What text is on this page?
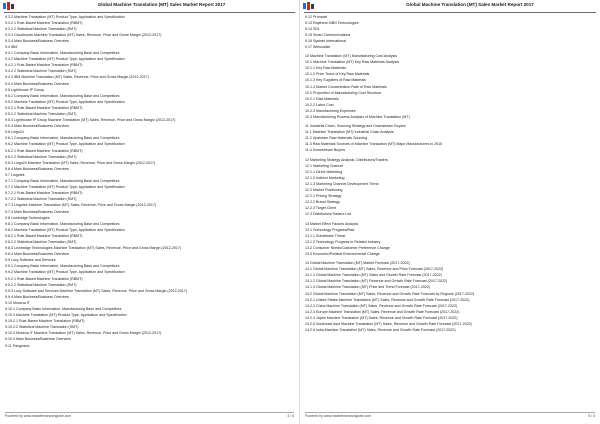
Global Machine Translation (MT) Sales Market Report 2017
9.3.2 Machine Translation (MT) Product Type, Application and Specification
9.3.2.1 Rule-Based Machine Translation (RBMT)
9.3.2.2 Statistical Machine Translation (SMT)
9.3.3 Cloudwords Machine Translation (MT) Sales, Revenue, Price and Gross Margin (2012-2017)
9.3.4 Main Business/Business Overview
9.4 IBM
9.4.1 Company Basic Information, Manufacturing Base and Competitors
9.4.2 Machine Translation (MT) Product Type, Application and Specification
9.4.2.1 Rule-Based Machine Translation (RBMT)
9.4.2.2 Statistical Machine Translation (SMT)
9.4.3 IBM Machine Translation (MT) Sales, Revenue, Price and Gross Margin (2012-2017)
9.4.4 Main Business/Business Overview
9.5 Lighthouse IP Group
9.5.1 Company Basic Information, Manufacturing Base and Competitors
9.5.2 Machine Translation (MT) Product Type, Application and Specification
9.5.2.1 Rule-Based Machine Translation (RBMT)
9.5.2.2 Statistical Machine Translation (SMT)
9.5.3 Lighthouse IP Group Machine Translation (MT) Sales, Revenue, Price and Gross Margin (2012-2017)
9.5.4 Main Business/Business Overview
9.6 Lingo24
9.6.1 Company Basic Information, Manufacturing Base and Competitors
9.6.2 Machine Translation (MT) Product Type, Application and Specification
9.6.2.1 Rule-Based Machine Translation (RBMT)
9.6.2.2 Statistical Machine Translation (SMT)
9.6.3 Lingo24 Machine Translation (MT) Sales, Revenue, Price and Gross Margin (2012-2017)
9.6.4 Main Business/Business Overview
9.7 Lingotek
9.7.1 Company Basic Information, Manufacturing Base and Competitors
9.7.2 Machine Translation (MT) Product Type, Application and Specification
9.7.2.1 Rule-Based Machine Translation (RBMT)
9.7.2.2 Statistical Machine Translation (SMT)
9.7.3 Lingotek Machine Translation (MT) Sales, Revenue, Price and Gross Margin (2012-2017)
9.7.4 Main Business/Business Overview
9.8 Lionbridge Technologies
9.8.1 Company Basic Information, Manufacturing Base and Competitors
9.8.2 Machine Translation (MT) Product Type, Application and Specification
9.8.2.1 Rule-Based Machine Translation (RBMT)
9.8.2.2 Statistical Machine Translation (SMT)
9.8.3 Lionbridge Technologies Machine Translation (MT) Sales, Revenue, Price and Gross Margin (2012-2017)
9.8.4 Main Business/Business Overview
9.9 Lucy Software and Services
9.9.1 Company Basic Information, Manufacturing Base and Competitors
9.9.2 Machine Translation (MT) Product Type, Application and Specification
9.9.2.1 Rule-Based Machine Translation (RBMT)
9.9.2.2 Statistical Machine Translation (SMT)
9.9.3 Lucy Software and Services Machine Translation (MT) Sales, Revenue, Price and Gross Margin (2012-2017)
9.9.4 Main Business/Business Overview
9.10 Moravia IT
9.10.1 Company Basic Information, Manufacturing Base and Competitors
9.10.2 Machine Translation (MT) Product Type, Application and Specification
9.10.2.1 Rule-Based Machine Translation (RBMT)
9.10.2.2 Statistical Machine Translation (SMT)
9.10.3 Moravia IT Machine Translation (MT) Sales, Revenue, Price and Gross Margin (2012-2017)
9.10.4 Main Business/Business Overview
9.11 Pangeanic
Powered by www.marketresearchglobe.com	4 / 6
Global Machine Translation (MT) Sales Market Report 2017
9.12 Prompsit
9.13 Raytheon BBN Technologies
9.14 SDL
9.15 Smart Communications
9.16 Systran International
9.17 Welocalize
10 Machine Translation (MT) Manufacturing Cost Analysis
10.1 Machine Translation (MT) Key Raw Materials Analysis
10.1.1 Key Raw Materials
10.1.2 Price Trend of Key Raw Materials
10.1.3 Key Suppliers of Raw Materials
10.1.4 Market Concentration Rate of Raw Materials
10.2 Proportion of Manufacturing Cost Structure
10.2.1 Raw Materials
10.2.2 Labor Cost
10.2.3 Manufacturing Expenses
10.3 Manufacturing Process Analysis of Machine Translation (MT)
11 Industrial Chain, Sourcing Strategy and Downstream Buyers
11.1 Machine Translation (MT) Industrial Chain Analysis
11.2 Upstream Raw Materials Sourcing
11.3 Raw Materials Sources of Machine Translation (MT) Major Manufacturers in 2015
11.4 Downstream Buyers
12 Marketing Strategy Analysis, Distributors/Traders
12.1 Marketing Channel
12.1.1 Direct Marketing
12.1.2 Indirect Marketing
12.1.3 Marketing Channel Development Trend
12.2 Market Positioning
12.2.1 Pricing Strategy
12.2.2 Brand Strategy
12.2.3 Target Client
12.3 Distributors/Traders List
13 Market Effect Factors Analysis
13.1 Technology Progress/Risk
13.1.1 Substitutes Threat
13.1.2 Technology Progress in Related Industry
13.2 Consumer Needs/Customer Preference Change
13.3 Economic/Political Environmental Change
14 Global Machine Translation (MT) Market Forecast (2017-2022)
14.1 Global Machine Translation (MT) Sales, Revenue and Price Forecast (2017-2022)
14.1.1 Global Machine Translation (MT) Sales and Growth Rate Forecast (2017-2022)
14.1.2 Global Machine Translation (MT) Revenue and Growth Rate Forecast (2017-2022)
14.1.3 Global Machine Translation (MT) Price and Trend Forecast (2017-2022)
14.2 Global Machine Translation (MT) Sales, Revenue and Growth Rate Forecast by Regions (2017-2022)
14.2.1 United States Machine Translation (MT) Sales, Revenue and Growth Rate Forecast (2017-2022)
14.2.2 China Machine Translation (MT) Sales, Revenue and Growth Rate Forecast (2017-2022)
14.2.3 Europe Machine Translation (MT) Sales, Revenue and Growth Rate Forecast (2017-2022)
14.2.4 Japan Machine Translation (MT) Sales, Revenue and Growth Rate Forecast (2017-2022)
14.2.5 Southeast Asia Machine Translation (MT) Sales, Revenue and Growth Rate Forecast (2017-2022)
14.2.6 India Machine Translation (MT) Sales, Revenue and Growth Rate Forecast (2017-2022)
Powered by www.marketresearchglobe.com	5 / 6
